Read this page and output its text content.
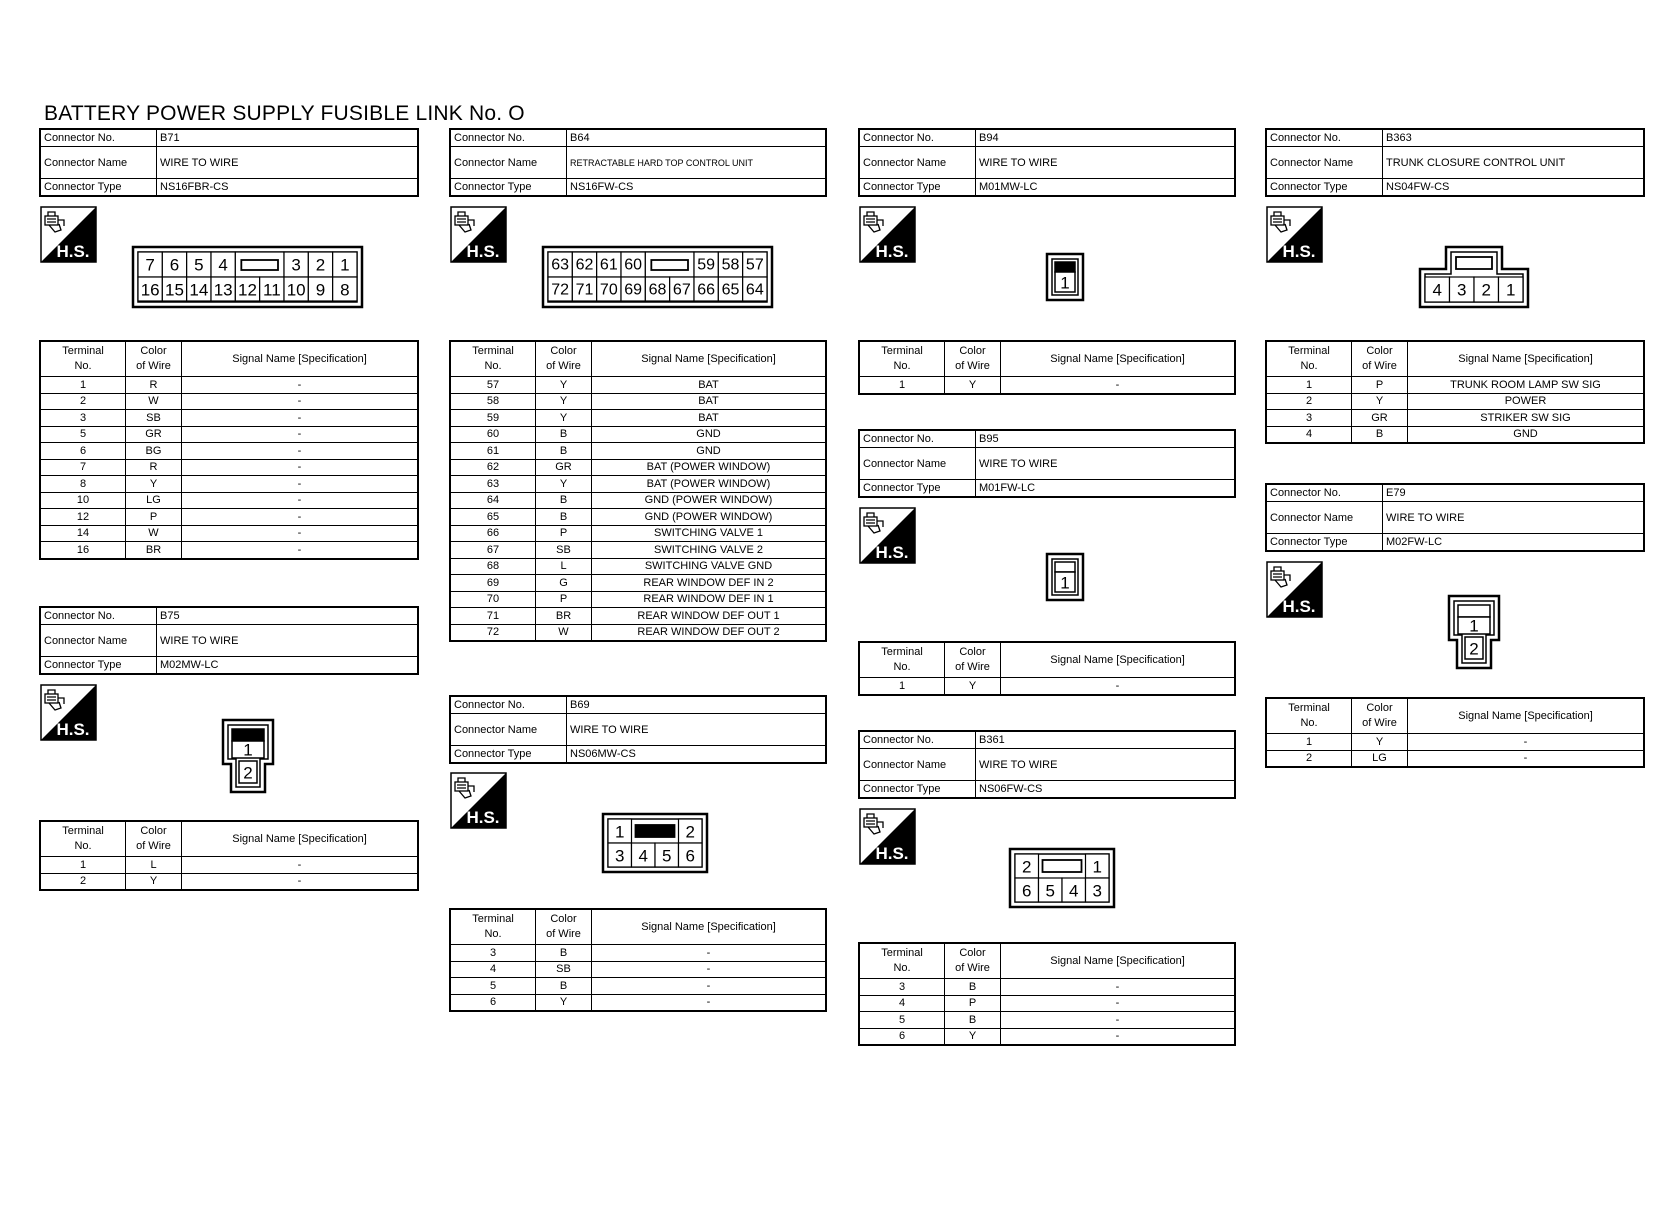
BATTERY POWER SUPPLY FUSIBLE LINK No. O
Connector No.	B71
Connector Name	WIRE TO WIRE
Connector Type	NS16FBR-CS
H.S.
7 6 5 4	3 2 1
16 15 14 13 12 11 10 9 8
Terminal
No.	Color
of Wire	Signal Name [Specification]
1	R	-
2	W	-
3	SB	-
5	GR	-
6	BG	-
7	R	-
8	Y	-
10	LG	-
12	P	-
14	W	-
16	BR	-
Connector No.	B75
Connector Name	WIRE TO WIRE
Connector Type	M02MW-LC
H.S.
1
2
Terminal
No.	Color
of Wire	Signal Name [Specification]
1	L	-
2	Y	-
Connector No.	B64
Connector Name	RETRACTABLE HARD TOP CONTROL UNIT
Connector Type	NS16FW-CS
H.S.
63 62 61 60	59 58 57
72 71 70 69 68 67 66 65 64
Terminal
No.	Color
of Wire	Signal Name [Specification]
57	Y	BAT
58	Y	BAT
59	Y	BAT
60	B	GND
61	B	GND
62	GR	BAT (POWER WINDOW)
63	Y	BAT (POWER WINDOW)
64	B	GND (POWER WINDOW)
65	B	GND (POWER WINDOW)
66	P	SWITCHING VALVE 1
67	SB	SWITCHING VALVE 2
68	L	SWITCHING VALVE GND
69	G	REAR WINDOW DEF IN 2
70	P	REAR WINDOW DEF IN 1
71	BR	REAR WINDOW DEF OUT 1
72	W	REAR WINDOW DEF OUT 2
Connector No.	B69
Connector Name	WIRE TO WIRE
Connector Type	NS06MW-CS
H.S.
1	2
3 4 5 6
Terminal
No.	Color
of Wire	Signal Name [Specification]
3	B	-
4	SB	-
5	B	-
6	Y	-
Connector No.	B94
Connector Name	WIRE TO WIRE
Connector Type	M01MW-LC
H.S.
1
Terminal
No.	Color
of Wire	Signal Name [Specification]
1	Y	-
Connector No.	B95
Connector Name	WIRE TO WIRE
Connector Type	M01FW-LC
H.S.
1
Terminal
No.	Color
of Wire	Signal Name [Specification]
1	Y	-
Connector No.	B361
Connector Name	WIRE TO WIRE
Connector Type	NS06FW-CS
H.S.
2	1
6 5 4 3
Terminal
No.	Color
of Wire	Signal Name [Specification]
3	B	-
4	P	-
5	B	-
6	Y	-
Connector No.	B363
Connector Name	TRUNK CLOSURE CONTROL UNIT
Connector Type	NS04FW-CS
H.S.
4 3 2 1
Terminal
No.	Color
of Wire	Signal Name [Specification]
1	P	TRUNK ROOM LAMP SW SIG
2	Y	POWER
3	GR	STRIKER SW SIG
4	B	GND
Connector No.	E79
Connector Name	WIRE TO WIRE
Connector Type	M02FW-LC
H.S.
1
2
Terminal
No.	Color
of Wire	Signal Name [Specification]
1	Y	-
2	LG	-
